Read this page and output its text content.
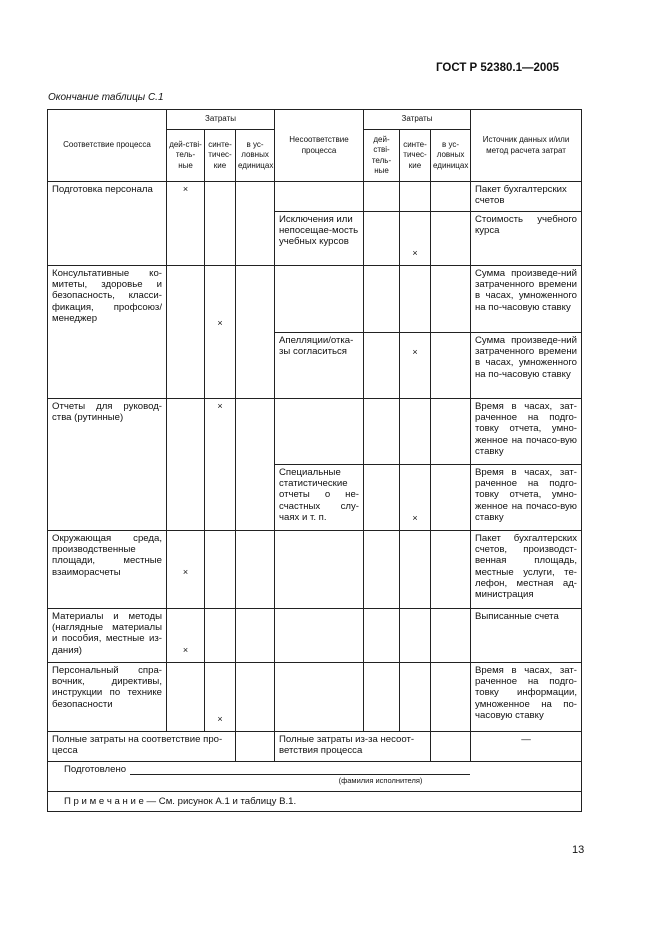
ГОСТ Р 52380.1—2005
Окончание таблицы С.1
Соответствие процесса	Затраты			Несоответствие процесса	Затраты			Источник данных и/или метод расчета затрат
	дей-ствi-тель-ные	синте-тичес-кие	в ус-ловных единицах		дей-ствi-тель-ные	синте-тичес-кие	в ус-ловных единицах	
Подготовка персонала	×							Пакет бухгалтерских счетов
				Исключения или непосещае-мость учебных курсов		×		Стоимость учебного курса
Консультативные ко-митеты, здоровье и безопасность, класси-фикация, профсоюз/ менеджер		×						Сумма произведе-ний затраченного времени в часах, умноженного на по-часовую ставку
				Апелляции/отка-зы согласиться		×		Сумма произведе-ний затраченного времени в часах, умноженного на по-часовую ставку
Отчеты для руковод-ства (рутинные)		×						Время в часах, зат-раченное на подго-товку отчета, умно-женное на почасо-вую ставку
				Специальные статистические отчеты о не-счастных слу-чаях и т. п.		×		Время в часах, зат-раченное на подго-товку отчета, умно-женное на почасо-вую ставку
Окружающая среда, производственные площади, местные взаиморасчеты	×							Пакет бухгалтерских счетов, производст-венная площадь, местные услуги, те-лефон, местная ад-министрация
Материалы и методы (наглядные материалы и пособия, местные из-дания)	×							Выписанные счета
Персональный спра-вочник, директивы, инструкции по технике безопасности		×						Время в часах, зат-раченное на подго-товку информации, умноженное на по-часовую ставку
Полные затраты на соответствие про-цесса				Полные затраты из-за несоот-ветствия процесса				—
Подготовлено
(фамилия исполнителя)								

П р и м е ч а н и е — См. рисунок А.1 и таблицу В.1.								
13
